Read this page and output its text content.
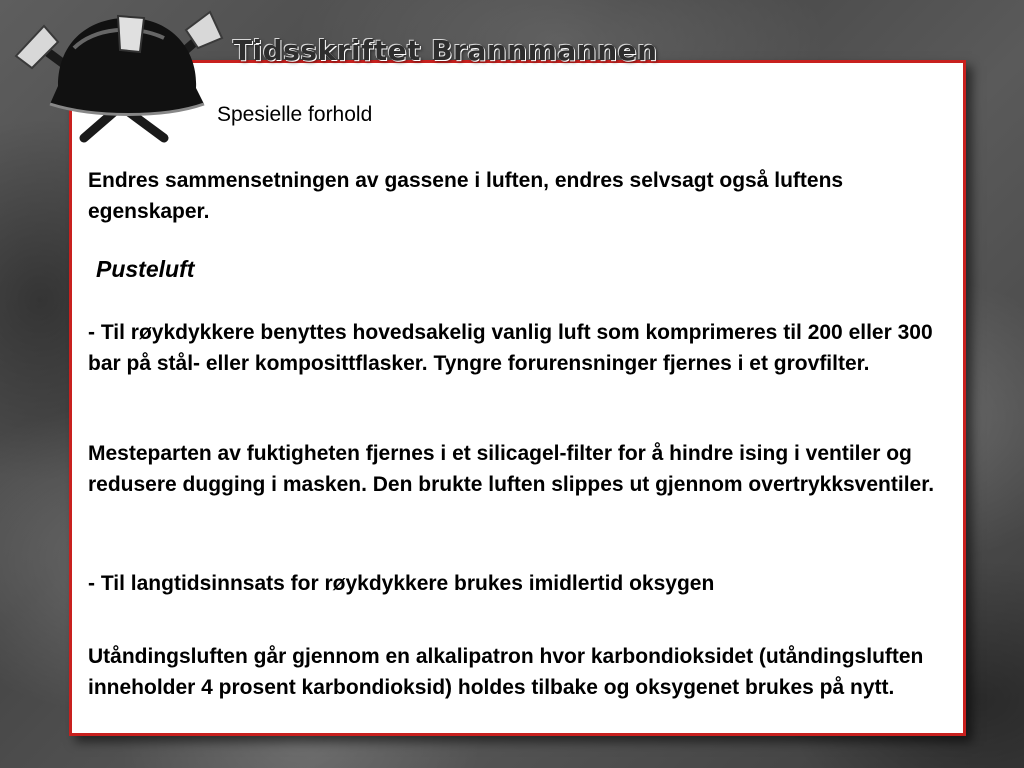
Tidsskriftet Brannmannen
Spesielle forhold
Endres sammensetningen av gassene i luften, endres selvsagt også luftens egenskaper.
Pusteluft
- Til røykdykkere benyttes hovedsakelig vanlig luft som komprimeres til 200 eller 300 bar på stål- eller komposittflasker. Tyngre forurensninger fjernes i et grovfilter.
Mesteparten av fuktigheten fjernes i et silicagel-filter for å hindre ising i ventiler og redusere dugging i masken. Den brukte luften slippes ut gjennom overtrykksventiler.
- Til langtidsinnsats for røykdykkere brukes imidlertid oksygen
Utåndingsluften går gjennom en alkalipatron hvor karbondioksidet (utåndingsluften inneholder 4 prosent karbondioksid) holdes tilbake og oksygenet brukes på nytt.
